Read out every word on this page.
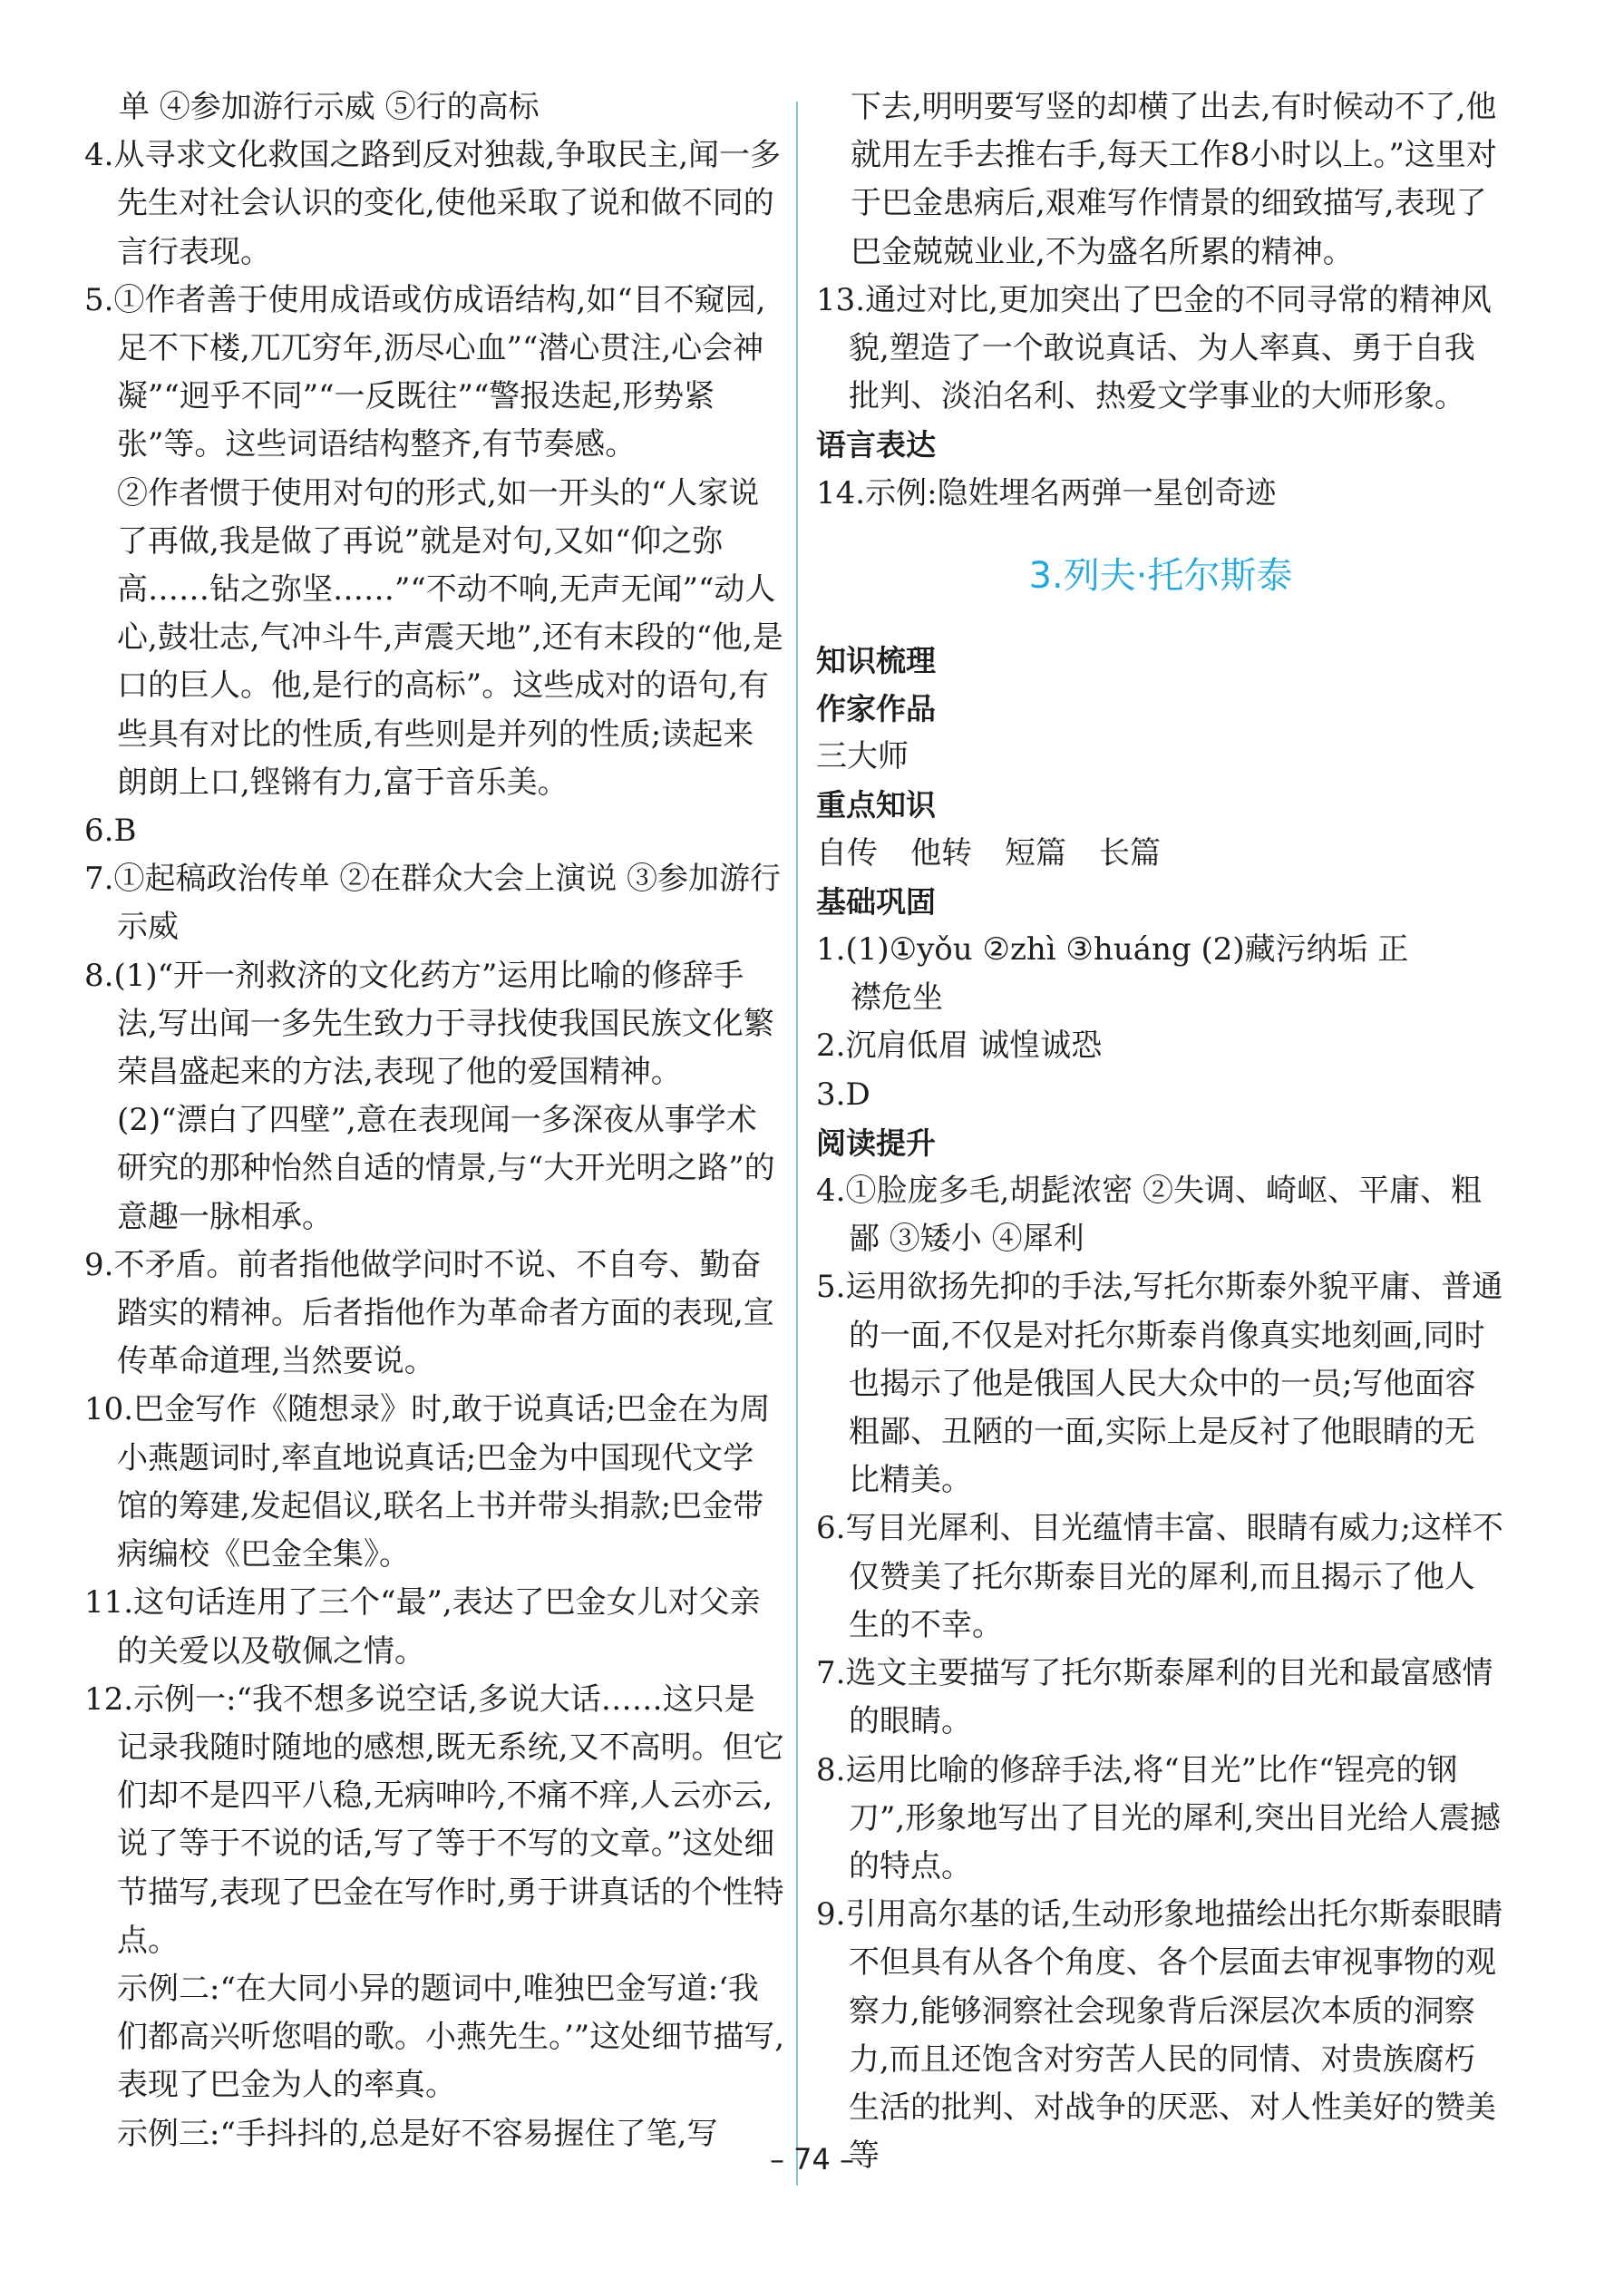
单 ④参加游行示威 ⑤行的高标

4.从寻求文化救国之路到反对独裁,争取民主,闻一多先生对社会认识的变化,使他采取了说和做不同的言行表现。

5.①作者善于使用成语或仿成语结构,如“目不窥园,足不下楼,兀兀穷年,沥尽心血”“潜心贯注,心会神凝”“迥乎不同”“一反既往”“警报迭起,形势紧张”等。这些词语结构整齐,有节奏感。

②作者惯于使用对句的形式,如一开头的“人家说了再做,我是做了再说”就是对句,又如“仰之弥高……钻之弥坚……”“不动不响,无声无闻”“动人心,鼓壮志,气冲斗牛,声震天地”,还有末段的“他,是口的巨人。他,是行的高标”。这些成对的语句,有些具有对比的性质,有些则是并列的性质;读起来朗朗上口,铿锵有力,富于音乐美。

6.B

7.①起稿政治传单 ②在群众大会上演说 ③参加游行示威

8.(1)“开一剂救济的文化药方”运用比喻的修辞手法,写出闻一多先生致力于寻找使我国民族文化繁荣昌盛起来的方法,表现了他的爱国精神。

(2)“漂白了四壁”,意在表现闻一多深夜从事学术研究的那种怡然自适的情景,与“大开光明之路”的意趣一脉相承。

9.不矛盾。前者指他做学问时不说、不自夸、勤奋踏实的精神。后者指他作为革命者方面的表现,宣传革命道理,当然要说。

10.巴金写作《随想录》时,敢于说真话;巴金在为周小燕题词时,率直地说真话;巴金为中国现代文学馆的筹建,发起倡议,联名上书并带头捐款;巴金带病编校《巴金全集》。

11.这句话连用了三个“最”,表达了巴金女儿对父亲的关爱以及敬佩之情。

12.示例一:“我不想多说空话,多说大话……这只是记录我随时随地的感想,既无系统,又不高明。但它们却不是四平八稳,无病呻吟,不痛不痒,人云亦云,说了等于不说的话,写了等于不写的文章。”这处细节描写,表现了巴金在写作时,勇于讲真话的个性特点。

示例二:“在大同小异的题词中,唯独巴金写道:‘我们都高兴听您唱的歌。小燕先生。’”这处细节描写,表现了巴金为人的率真。

示例三:“手抖抖的,总是好不容易握住了笔,写

下去,明明要写竖的却横了出去,有时候动不了,他就用左手去推右手,每天工作8小时以上。”这里对于巴金患病后,艰难写作情景的细致描写,表现了巴金兢兢业业,不为盛名所累的精神。

13.通过对比,更加突出了巴金的不同寻常的精神风貌,塑造了一个敢说真话、为人率真、勇于自我批判、淡泊名利、热爱文学事业的大师形象。

语言表达

14.示例:隐姓埋名两弹一星创奇迹

3.列夫·托尔斯泰

知识梳理

作家作品

三大师

重点知识

自传 他转 短篇 长篇

基础巩固

1.(1)①yǒu ②zhì ③huáng (2)藏污纳垢 正

襟危坐

2.沉肩低眉 诚惶诚恐

3.D

阅读提升

4.①脸庞多毛,胡髭浓密 ②失调、崎岖、平庸、粗鄙 ③矮小 ④犀利

5.运用欲扬先抑的手法,写托尔斯泰外貌平庸、普通的一面,不仅是对托尔斯泰肖像真实地刻画,同时也揭示了他是俄国人民大众中的一员;写他面容粗鄙、丑陋的一面,实际上是反衬了他眼睛的无比精美。

6.写目光犀利、目光蕴情丰富、眼睛有威力;这样不仅赞美了托尔斯泰目光的犀利,而且揭示了他人生的不幸。

7.选文主要描写了托尔斯泰犀利的目光和最富感情的眼睛。

8.运用比喻的修辞手法,将“目光”比作“锃亮的钢刀”,形象地写出了目光的犀利,突出目光给人震撼的特点。

9.引用高尔基的话,生动形象地描绘出托尔斯泰眼睛不但具有从各个角度、各个层面去审视事物的观察力,能够洞察社会现象背后深层次本质的洞察力,而且还饱含对穷苦人民的同情、对贵族腐朽生活的批判、对战争的厌恶、对人性美好的赞美等

– 74 –
